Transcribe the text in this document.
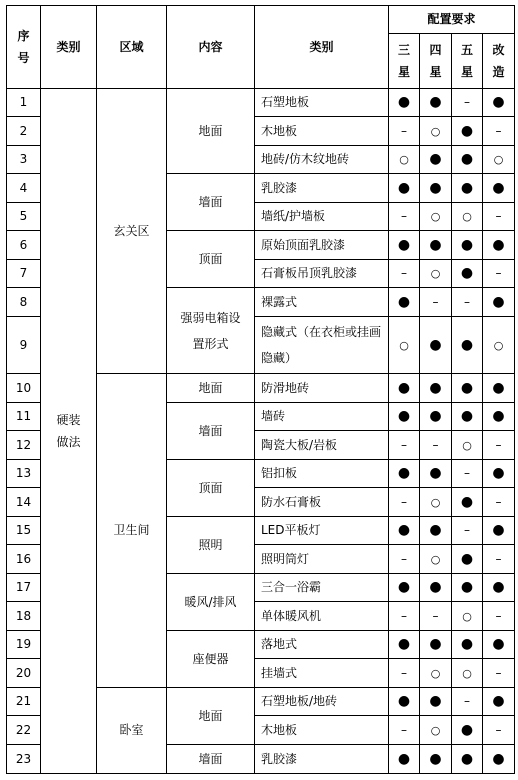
序号	类别	区域	内容	类别	配置要求			
					三星	四星	五星	改造
1	硬装做法	玄关区	地面	石塑地板	●	●	–	●
2				木地板	–	○	●	–
3				地砖/仿木纹地砖	○	●	●	○
4			墙面	乳胶漆	●	●	●	●
5				墙纸/护墙板	–	○	○	–
6			顶面	原始顶面乳胶漆	●	●	●	●
7				石膏板吊顶乳胶漆	–	○	●	–
8			强弱电箱设置形式	裸露式	●	–	–	●
9				隐藏式（在衣柜或挂画隐藏）	○	●	●	○
10		卫生间	地面	防滑地砖	●	●	●	●
11			墙面	墙砖	●	●	●	●
12				陶瓷大板/岩板	–	–	○	–
13			顶面	铝扣板	●	●	–	●
14				防水石膏板	–	○	●	–
15			照明	LED平板灯	●	●	–	●
16				照明筒灯	–	○	●	–
17			暖风/排风	三合一浴霸	●	●	●	●
18				单体暖风机	–	–	○	–
19			座便器	落地式	●	●	●	●
20				挂墙式	–	○	○	–
21		卧室	地面	石塑地板/地砖	●	●	–	●
22				木地板	–	○	●	–
23			墙面	乳胶漆	●	●	●	●
